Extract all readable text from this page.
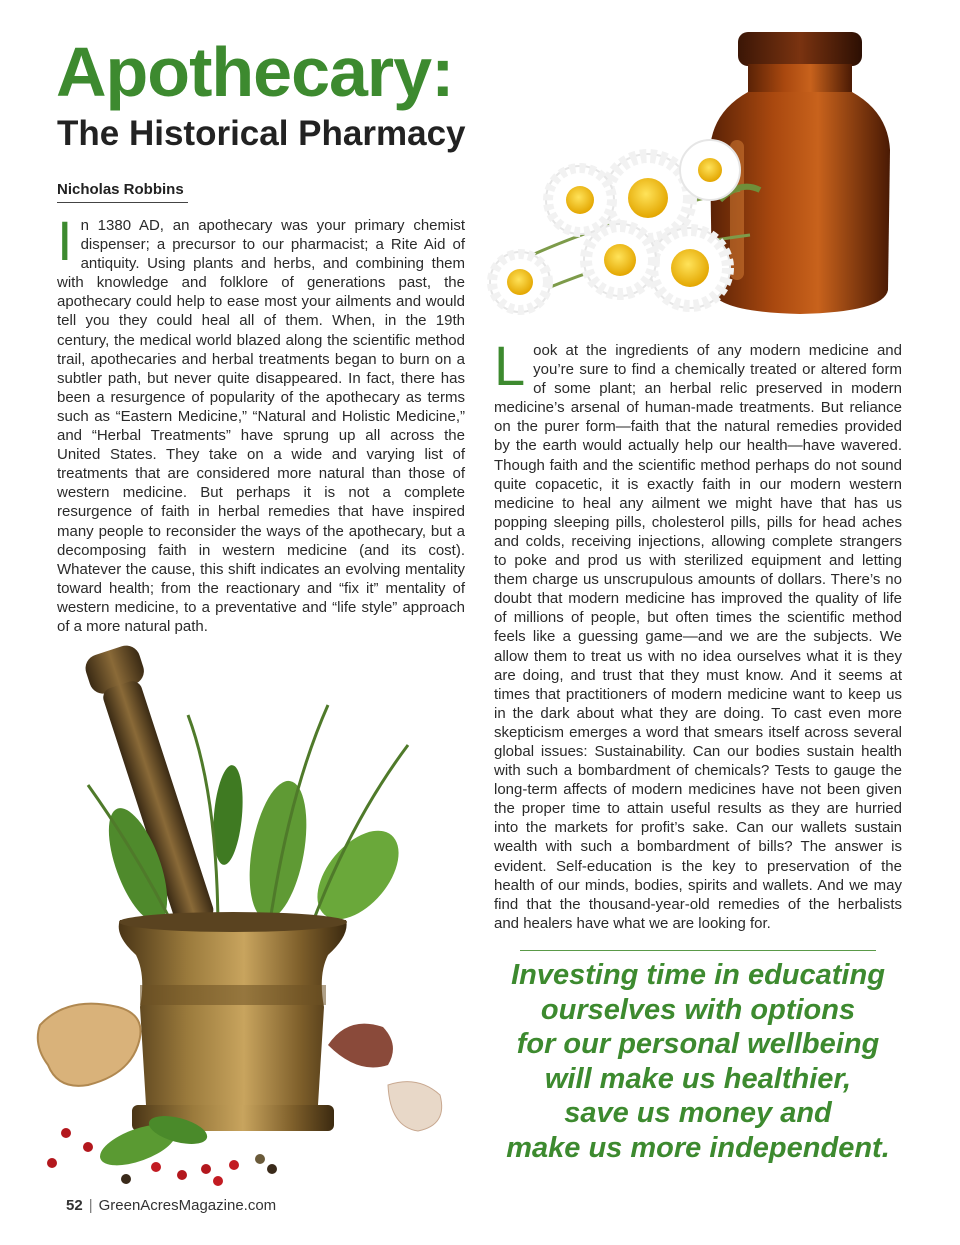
Apothecary:
The Historical Pharmacy
Nicholas Robbins
I n 1380 AD, an apothecary was your primary chemist dispenser; a precursor to our pharmacist; a Rite Aid of antiquity. Using plants and herbs, and combining them with knowledge and folklore of generations past, the apothecary could help to ease most your ailments and would tell you they could heal all of them. When, in the 19th century, the medical world blazed along the scientific method trail, apothecaries and herbal treatments began to burn on a subtler path, but never quite disappeared. In fact, there has been a resurgence of popularity of the apothecary as terms such as “Eastern Medicine,” “Natural and Holistic Medicine,” and “Herbal Treatments” have sprung up all across the United States. They take on a wide and varying list of treatments that are considered more natural than those of western medicine. But perhaps it is not a complete resurgence of faith in herbal remedies that have inspired many people to reconsider the ways of the apothecary, but a decomposing faith in western medicine (and its cost). Whatever the cause, this shift indicates an evolving mentality toward health; from the reactionary and “fix it” mentality of western medicine, to a preventative and “life style” approach of a more natural path.
L ook at the ingredients of any modern medicine and you’re sure to find a chemically treated or altered form of some plant; an herbal relic preserved in modern medicine’s arsenal of human-made treatments. But reliance on the purer form—faith that the natural remedies provided by the earth would actually help our health—have wavered. Though faith and the scientific method perhaps do not sound quite copacetic, it is exactly faith in our modern western medicine to heal any ailment we might have that has us popping sleeping pills, cholesterol pills, pills for head aches and colds, receiving injections, allowing complete strangers to poke and prod us with sterilized equipment and letting them charge us unscrupulous amounts of dollars. There’s no doubt that modern medicine has improved the quality of life of millions of people, but often times the scientific method feels like a guessing game—and we are the subjects. We allow them to treat us with no idea ourselves what it is they are doing, and trust that they must know. And it seems at times that practitioners of modern medicine want to keep us in the dark about what they are doing. To cast even more skepticism emerges a word that smears itself across several global issues: Sustainability. Can our bodies sustain health with such a bombardment of chemicals? Tests to gauge the long-term affects of modern medicines have not been given the proper time to attain useful results as they are hurried into the markets for profit’s sake. Can our wallets sustain wealth with such a bombardment of bills? The answer is evident. Self-education is the key to preservation of the health of our minds, bodies, spirits and wallets. And we may find that the thousand-year-old remedies of the herbalists and healers have what we are looking for.
Investing time in educating
ourselves with options
for our personal wellbeing
will make us healthier,
save us money and
make us more independent.
52 | GreenAcresMagazine.com
